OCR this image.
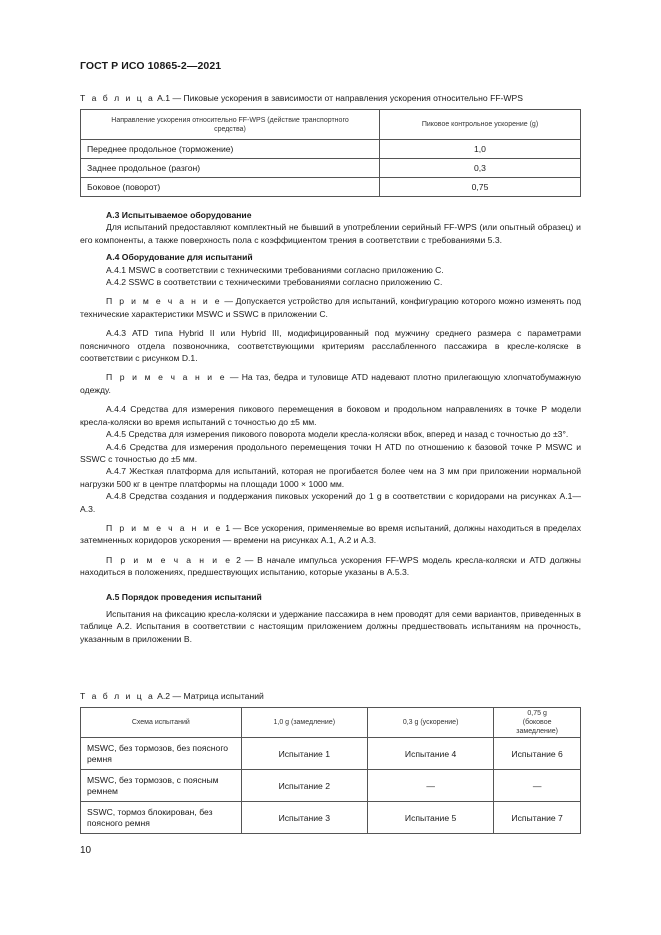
ГОСТ Р ИСО 10865-2—2021
Т а б л и ц а А.1 — Пиковые ускорения в зависимости от направления ускорения относительно FF-WPS
Направление ускорения относительно FF-WPS (действие транспортного средства)	Пиковое контрольное ускорение (g)
Переднее продольное (торможение)	1,0
Заднее продольное (разгон)	0,3
Боковое (поворот)	0,75

А.3 Испытываемое оборудование

Для испытаний предоставляют комплектный не бывший в употреблении серийный FF-WPS (или опытный образец) и его компоненты, а также поверхность пола с коэффициентом трения в соответствии с требованиями 5.3.

А.4 Оборудование для испытаний

А.4.1 MSWC в соответствии с техническими требованиями согласно приложению С.

А.4.2 SSWC в соответствии с техническими требованиями согласно приложению С.

П р и м е ч а н и е — Допускается устройство для испытаний, конфигурацию которого можно изменять под технические характеристики MSWC и SSWC в приложении С.

А.4.3 ATD типа Hybrid II или Hybrid III, модифицированный под мужчину среднего размера с параметрами поясничного отдела позвоночника, соответствующими критериям расслабленного пассажира в кресле-коляске в соответствии с рисунком D.1.

П р и м е ч а н и е — На таз, бедра и туловище ATD надевают плотно прилегающую хлопчатобумажную одежду.

А.4.4 Средства для измерения пикового перемещения в боковом и продольном направлениях в точке Р модели кресла-коляски во время испытаний с точностью до ±5 мм.

А.4.5 Средства для измерения пикового поворота модели кресла-коляски вбок, вперед и назад с точностью до ±3°.

А.4.6 Средства для измерения продольного перемещения точки Н ATD по отношению к базовой точке Р MSWC и SSWC с точностью до ±5 мм.

А.4.7 Жесткая платформа для испытаний, которая не прогибается более чем на 3 мм при приложении нормальной нагрузки 500 кг в центре платформы на площади 1000 × 1000 мм.

А.4.8 Средства создания и поддержания пиковых ускорений до 1 g в соответствии с коридорами на рисунках А.1—А.3.

П р и м е ч а н и е 1 — Все ускорения, применяемые во время испытаний, должны находиться в пределах затемненных коридоров ускорения — времени на рисунках А.1, А.2 и А.3.

П р и м е ч а н и е 2 — В начале импульса ускорения FF-WPS модель кресла-коляски и ATD должны находиться в положениях, предшествующих испытанию, которые указаны в А.5.3.

А.5 Порядок проведения испытаний

Испытания на фиксацию кресла-коляски и удержание пассажира в нем проводят для семи вариантов, приведенных в таблице А.2. Испытания в соответствии с настоящим приложением должны предшествовать испытаниям на прочность, указанным в приложении В.

Т а б л и ц а А.2 — Матрица испытаний
Схема испытаний	1,0 g (замедление)	0,3 g (ускорение)	0,75 g (боковое замедление)
MSWC, без тормозов, без поясного ремня	Испытание 1	Испытание 4	Испытание 6
MSWC, без тормозов, с поясным ремнем	Испытание 2	—	—
SSWC, тормоз блокирован, без поясного ремня	Испытание 3	Испытание 5	Испытание 7
10
